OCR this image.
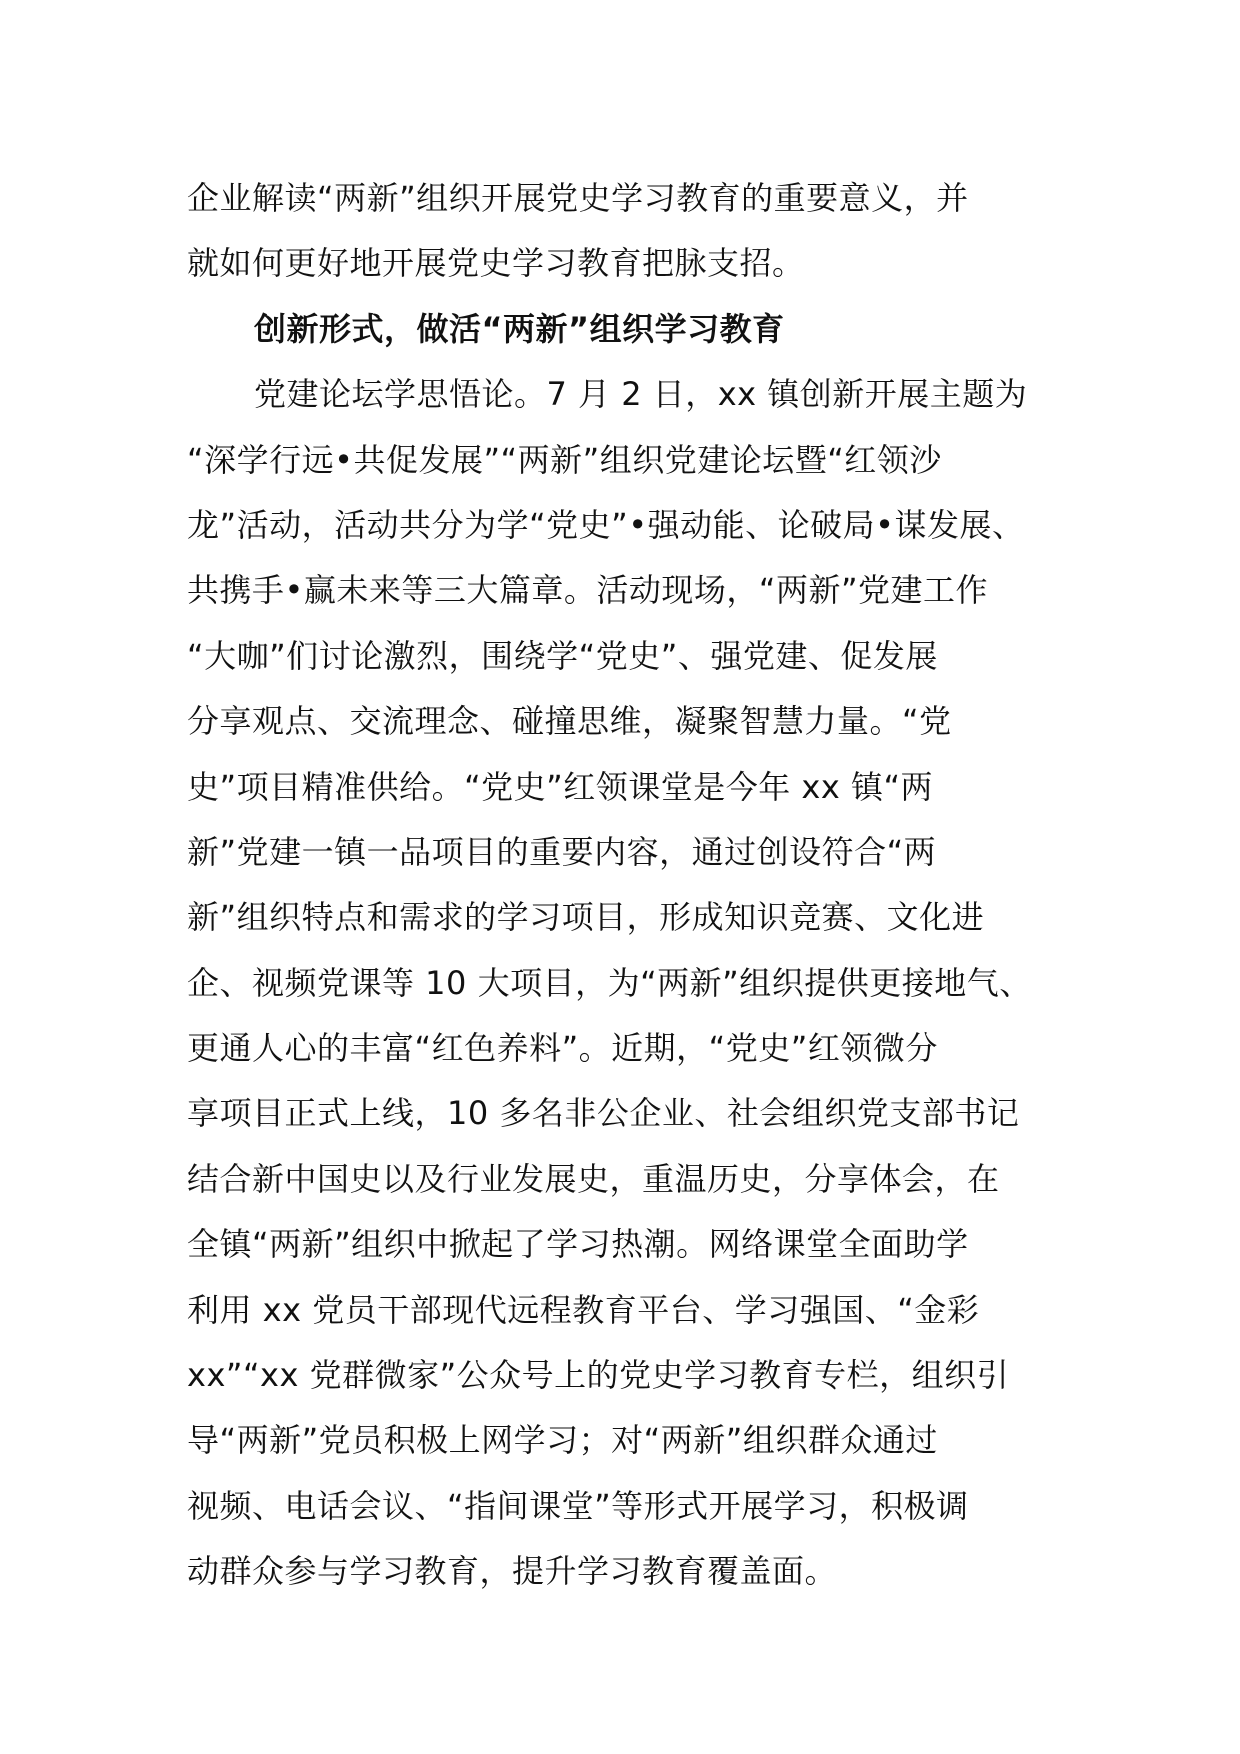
企业解读“两新”组织开展党史学习教育的重要意义，并
就如何更好地开展党史学习教育把脉支招。
创新形式，做活“两新”组织学习教育
党建论坛学思悟论。7 月 2 日，xx 镇创新开展主题为
“深学行远•共促发展”“两新”组织党建论坛暨“红领沙
龙”活动，活动共分为学“党史”•强动能、论破局•谋发展、
共携手•赢未来等三大篇章。活动现场，“两新”党建工作
“大咖”们讨论激烈，围绕学“党史”、强党建、促发展
分享观点、交流理念、碰撞思维，凝聚智慧力量。“党
史”项目精准供给。“党史”红领课堂是今年 xx 镇“两
新”党建一镇一品项目的重要内容，通过创设符合“两
新”组织特点和需求的学习项目，形成知识竞赛、文化进
企、视频党课等 10 大项目，为“两新”组织提供更接地气、
更通人心的丰富“红色养料”。近期，“党史”红领微分
享项目正式上线，10 多名非公企业、社会组织党支部书记
结合新中国史以及行业发展史，重温历史，分享体会，在
全镇“两新”组织中掀起了学习热潮。网络课堂全面助学
利用 xx 党员干部现代远程教育平台、学习强国、“金彩
xx”“xx 党群微家”公众号上的党史学习教育专栏，组织引
导“两新”党员积极上网学习；对“两新”组织群众通过
视频、电话会议、“指间课堂”等形式开展学习，积极调
动群众参与学习教育，提升学习教育覆盖面。
